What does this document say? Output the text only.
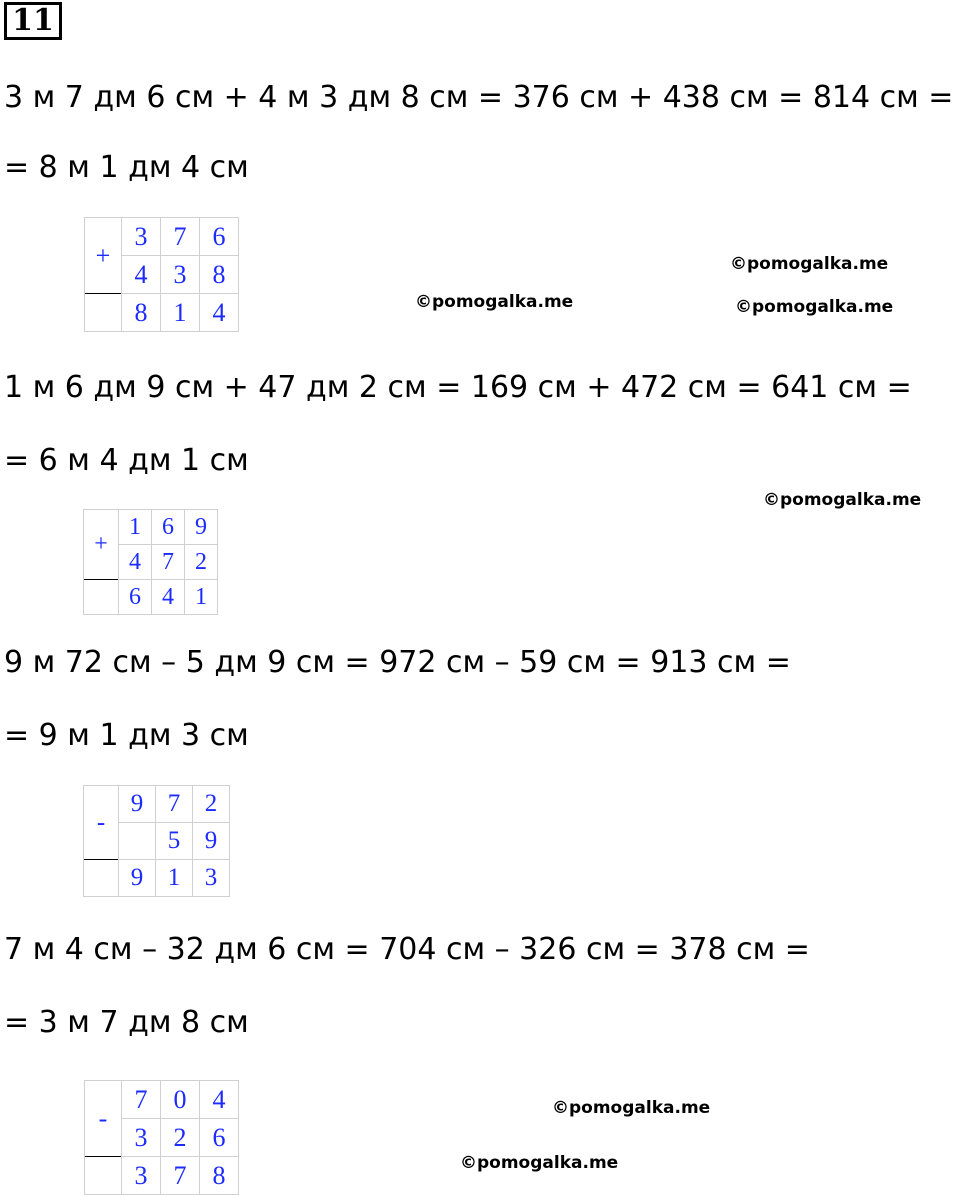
11
3 м 7 дм 6 см + 4 м 3 дм 8 см = 376 см + 438 см = 814 см =
= 8 м 1 дм 4 см
+	3	7	6
	4	3	8
	8	1	4
©pomogalka.me
©pomogalka.me	©pomogalka.me
1 м 6 дм 9 см + 47 дм 2 см = 169 см + 472 см = 641 см =
= 6 м 4 дм 1 см
©pomogalka.me
+	1	6	9
	4	7	2
	6	4	1
9 м 72 см – 5 дм 9 см = 972 см – 59 см = 913 см =
= 9 м 1 дм 3 см
-	9	7	2
		5	9
	9	1	3
7 м 4 см – 32 дм 6 см = 704 см – 326 см = 378 см =
= 3 м 7 дм 8 см
-	7	0	4
	3	2	6
	3	7	8
©pomogalka.me
©pomogalka.me
